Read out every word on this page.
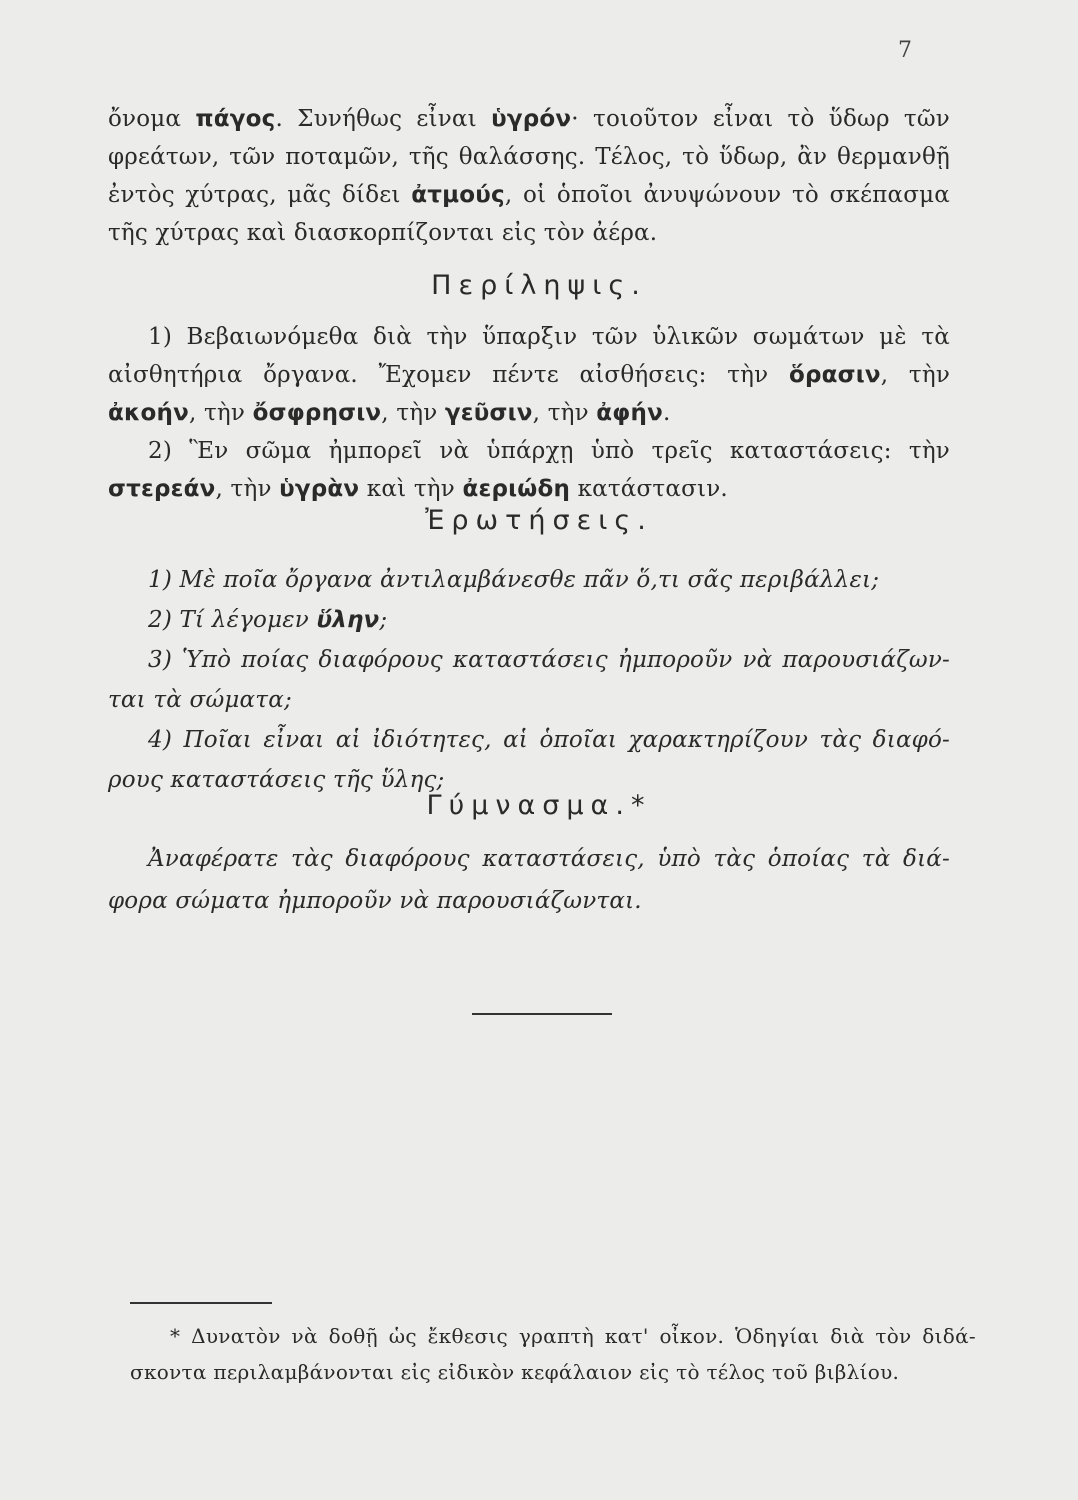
7
ὄνομα πάγος. Συνήθως εἶναι ὑγρόν· τοιοῦτον εἶναι τὸ ὕδωρ τῶν
φρεάτων, τῶν ποταμῶν, τῆς θαλάσσης. Τέλος, τὸ ὕδωρ, ἂν θερμανθῇ
ἐντὸς χύτρας, μᾶς δίδει ἀτμούς, οἱ ὁποῖοι ἀνυψώνουν τὸ σκέπασμα
τῆς χύτρας καὶ διασκορπίζονται εἰς τὸν ἀέρα.
Περίληψις.
1) Βεβαιωνόμεθα διὰ τὴν ὕπαρξιν τῶν ὑλικῶν σωμάτων μὲ τὰ
αἰσθητήρια ὄργανα. Ἔχομεν πέντε αἰσθήσεις: τὴν ὅρασιν, τὴν
ἀκοήν, τὴν ὄσφρησιν, τὴν γεῦσιν, τὴν ἀφήν.
2) Ἓν σῶμα ἠμπορεῖ νὰ ὑπάρχῃ ὑπὸ τρεῖς καταστάσεις: τὴν
στερεάν, τὴν ὑγρὰν καὶ τὴν ἀεριώδη κατάστασιν.
Ἐρωτήσεις.
1) Μὲ ποῖα ὄργανα ἀντιλαμβάνεσθε πᾶν ὅ,τι σᾶς περιβάλλει;
2) Τί λέγομεν ὕλην;
3) Ὑπὸ ποίας διαφόρους καταστάσεις ἠμποροῦν νὰ παρουσιάζων-
ται τὰ σώματα;
4) Ποῖαι εἶναι αἱ ἰδιότητες, αἱ ὁποῖαι χαρακτηρίζουν τὰς διαφό-
ρους καταστάσεις τῆς ὕλης;
Γύμνασμα.*
Ἀναφέρατε τὰς διαφόρους καταστάσεις, ὑπὸ τὰς ὁποίας τὰ διά-
φορα σώματα ἠμποροῦν νὰ παρουσιάζωνται.
* Δυνατὸν νὰ δοθῇ ὡς ἔκθεσις γραπτὴ κατ' οἶκον. Ὁδηγίαι διὰ τὸν διδά-
σκοντα περιλαμβάνονται εἰς εἰδικὸν κεφάλαιον εἰς τὸ τέλος τοῦ βιβλίου.
